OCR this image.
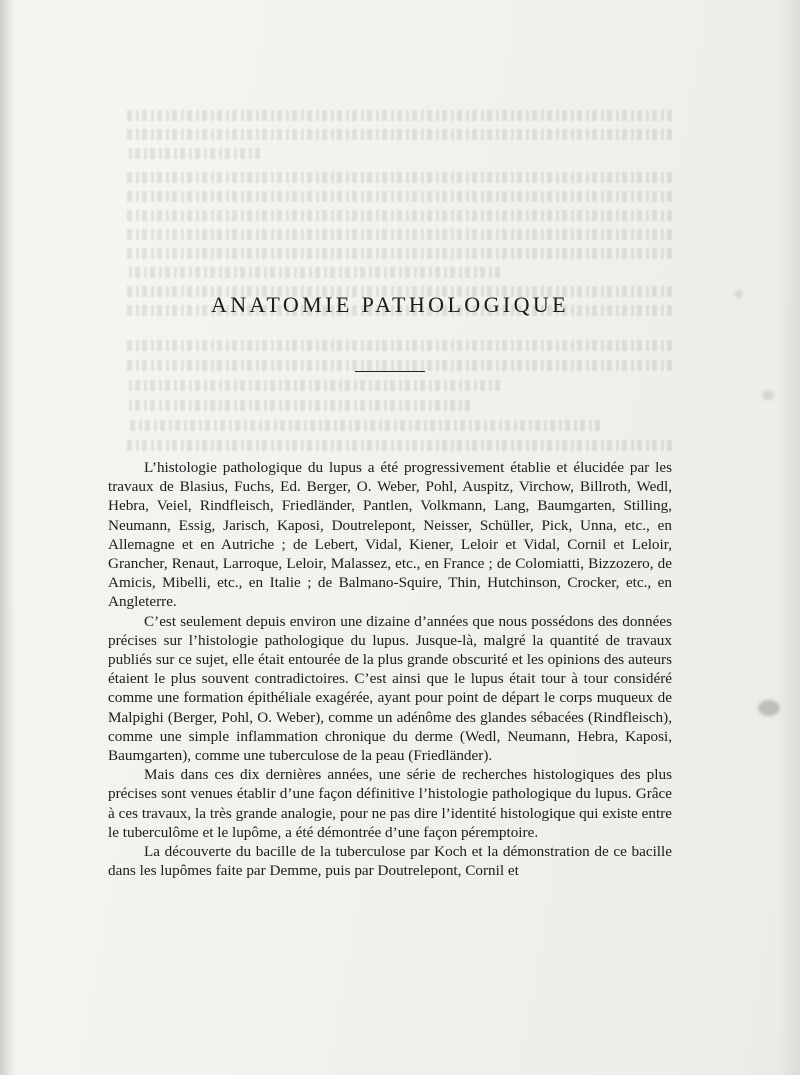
ANATOMIE PATHOLOGIQUE

L’histologie pathologique du lupus a été progressivement établie et élucidée par les travaux de Blasius, Fuchs, Ed. Berger, O. Weber, Pohl, Auspitz, Virchow, Billroth, Wedl, Hebra, Veiel, Rindfleisch, Friedländer, Pantlen, Volkmann, Lang, Baumgarten, Stilling, Neumann, Essig, Jarisch, Kaposi, Doutrelepont, Neisser, Schüller, Pick, Unna, etc., en Allemagne et en Autriche ; de Lebert, Vidal, Kiener, Leloir et Vidal, Cornil et Leloir, Grancher, Renaut, Larroque, Leloir, Malassez, etc., en France ; de Colomiatti, Bizzozero, de Amicis, Mibelli, etc., en Italie ; de Balmano-Squire, Thin, Hutchinson, Crocker, etc., en Angleterre.

C’est seulement depuis environ une dizaine d’années que nous possédons des données précises sur l’histologie pathologique du lupus. Jusque-là, malgré la quantité de travaux publiés sur ce sujet, elle était entourée de la plus grande obscurité et les opinions des auteurs étaient le plus souvent contradictoires. C’est ainsi que le lupus était tour à tour considéré comme une formation épithéliale exagérée, ayant pour point de départ le corps muqueux de Malpighi (Berger, Pohl, O. Weber), comme un adénôme des glandes sébacées (Rindfleisch), comme une simple inflammation chronique du derme (Wedl, Neumann, Hebra, Kaposi, Baumgarten), comme une tuberculose de la peau (Friedländer).

Mais dans ces dix dernières années, une série de recherches histologiques des plus précises sont venues établir d’une façon définitive l’histologie pathologique du lupus. Grâce à ces travaux, la très grande analogie, pour ne pas dire l’identité histologique qui existe entre le tuberculôme et le lupôme, a été démontrée d’une façon péremptoire.

La découverte du bacille de la tuberculose par Koch et la démonstration de ce bacille dans les lupômes faite par Demme, puis par Doutrelepont, Cornil et
